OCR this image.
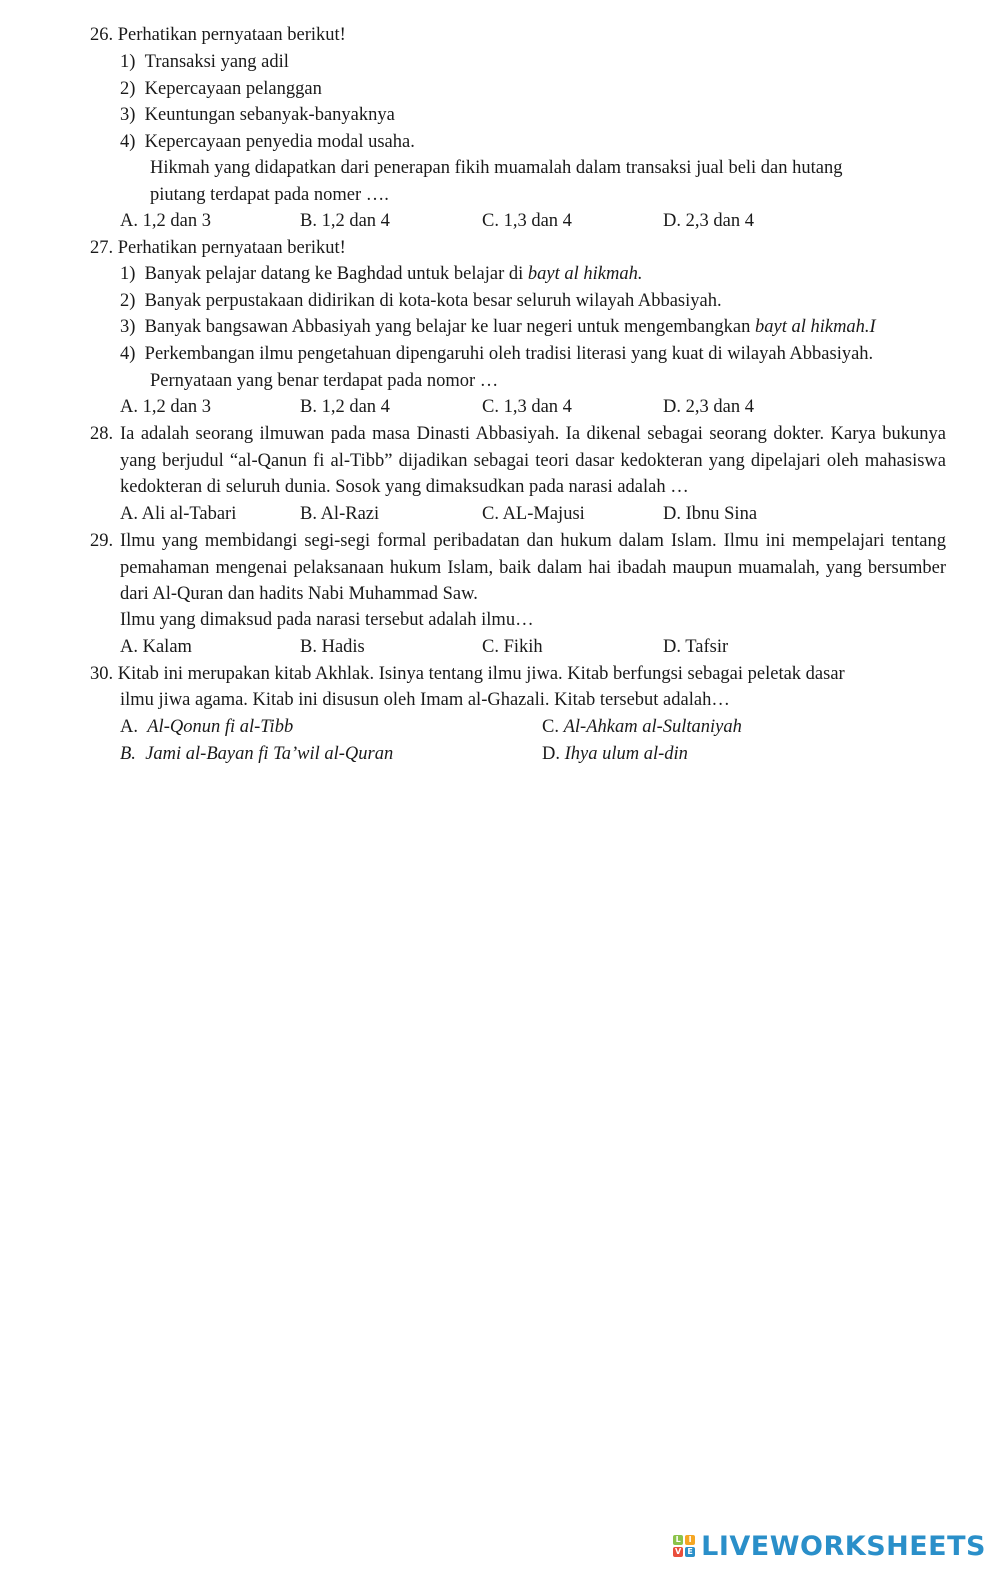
26. Perhatikan pernyataan berikut!
1) Transaksi yang adil
2) Kepercayaan pelanggan
3) Keuntungan sebanyak-banyaknya
4) Kepercayaan penyedia modal usaha.
Hikmah yang didapatkan dari penerapan fikih muamalah dalam transaksi jual beli dan hutang
piutang terdapat pada nomer ….
A. 1,2 dan 3	B. 1,2 dan 4	C. 1,3 dan 4	D. 2,3 dan 4
27. Perhatikan pernyataan berikut!
1) Banyak pelajar datang ke Baghdad untuk belajar di bayt al hikmah.
2) Banyak perpustakaan didirikan di kota-kota besar seluruh wilayah Abbasiyah.
3) Banyak bangsawan Abbasiyah yang belajar ke luar negeri untuk mengembangkan bayt al hikmah.I
4) Perkembangan ilmu pengetahuan dipengaruhi oleh tradisi literasi yang kuat di wilayah Abbasiyah.
Pernyataan yang benar terdapat pada nomor …
A. 1,2 dan 3	B. 1,2 dan 4	C. 1,3 dan 4	D. 2,3 dan 4
28. Ia adalah seorang ilmuwan pada masa Dinasti Abbasiyah. Ia dikenal sebagai seorang dokter. Karya bukunya yang berjudul “al-Qanun fi al-Tibb” dijadikan sebagai teori dasar kedokteran yang dipelajari oleh mahasiswa kedokteran di seluruh dunia. Sosok yang dimaksudkan pada narasi adalah …
A. Ali al-Tabari	B. Al-Razi	C. AL-Majusi	D. Ibnu Sina
29. Ilmu yang membidangi segi-segi formal peribadatan dan hukum dalam Islam. Ilmu ini mempelajari tentang pemahaman mengenai pelaksanaan hukum Islam, baik dalam hai ibadah maupun muamalah, yang bersumber dari Al-Quran dan hadits Nabi Muhammad Saw.
Ilmu yang dimaksud pada narasi tersebut adalah ilmu…
A. Kalam	B. Hadis	C. Fikih	D. Tafsir
30. Kitab ini merupakan kitab Akhlak. Isinya tentang ilmu jiwa. Kitab berfungsi sebagai peletak dasar
ilmu jiwa agama. Kitab ini disusun oleh Imam al-Ghazali. Kitab tersebut adalah…
A. Al-Qonun fi al-Tibb	C. Al-Ahkam al-Sultaniyah
B. Jami al-Bayan fi Ta’wil al-Quran	D. Ihya ulum al-din
L I
V E LIVEWORKSHEETS
